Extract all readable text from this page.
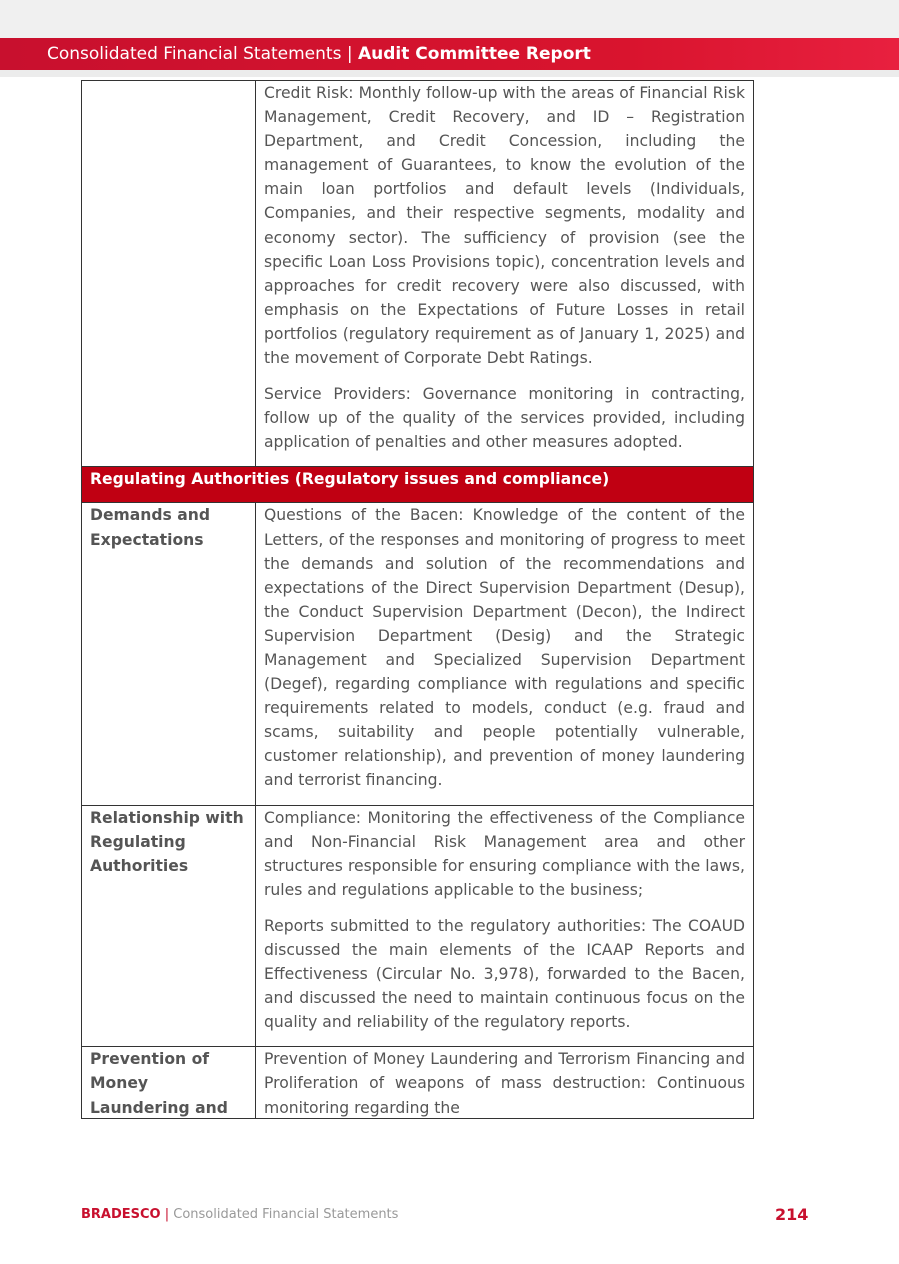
Consolidated Financial Statements | Audit Committee Report

	Credit Risk: Monthly follow-up with the areas of Financial Risk Management, Credit Recovery, and ID – Registration Department, and Credit Concession, including the management of Guarantees, to know the evolution of the main loan portfolios and default levels (Individuals, Companies, and their respective segments, modality and economy sector). The sufficiency of provision (see the specific Loan Loss Provisions topic), concentration levels and approaches for credit recovery were also discussed, with emphasis on the Expectations of Future Losses in retail portfolios (regulatory requirement as of January 1, 2025) and the movement of Corporate Debt Ratings.

Service Providers: Governance monitoring in contracting, follow up of the quality of the services provided, including application of penalties and other measures adopted.

Regulating Authorities (Regulatory issues and compliance)	
Demands and Expectations	Questions of the Bacen: Knowledge of the content of the Letters, of the responses and monitoring of progress to meet the demands and solution of the recommendations and expectations of the Direct Supervision Department (Desup), the Conduct Supervision Department (Decon), the Indirect Supervision Department (Desig) and the Strategic Management and Specialized Supervision Department (Degef), regarding compliance with regulations and specific requirements related to models, conduct (e.g. fraud and scams, suitability and people potentially vulnerable, customer relationship), and prevention of money laundering and terrorist financing.

Relationship with Regulating Authorities	Compliance: Monitoring the effectiveness of the Compliance and Non-Financial Risk Management area and other structures responsible for ensuring compliance with the laws, rules and regulations applicable to the business;

Reports submitted to the regulatory authorities: The COAUD discussed the main elements of the ICAAP Reports and Effectiveness (Circular No. 3,978), forwarded to the Bacen, and discussed the need to maintain continuous focus on the quality and reliability of the regulatory reports.

Prevention of Money Laundering and	Prevention of Money Laundering and Terrorism Financing and Proliferation of weapons of mass destruction: Continuous monitoring regarding the
BRADESCO | Consolidated Financial Statements	214
